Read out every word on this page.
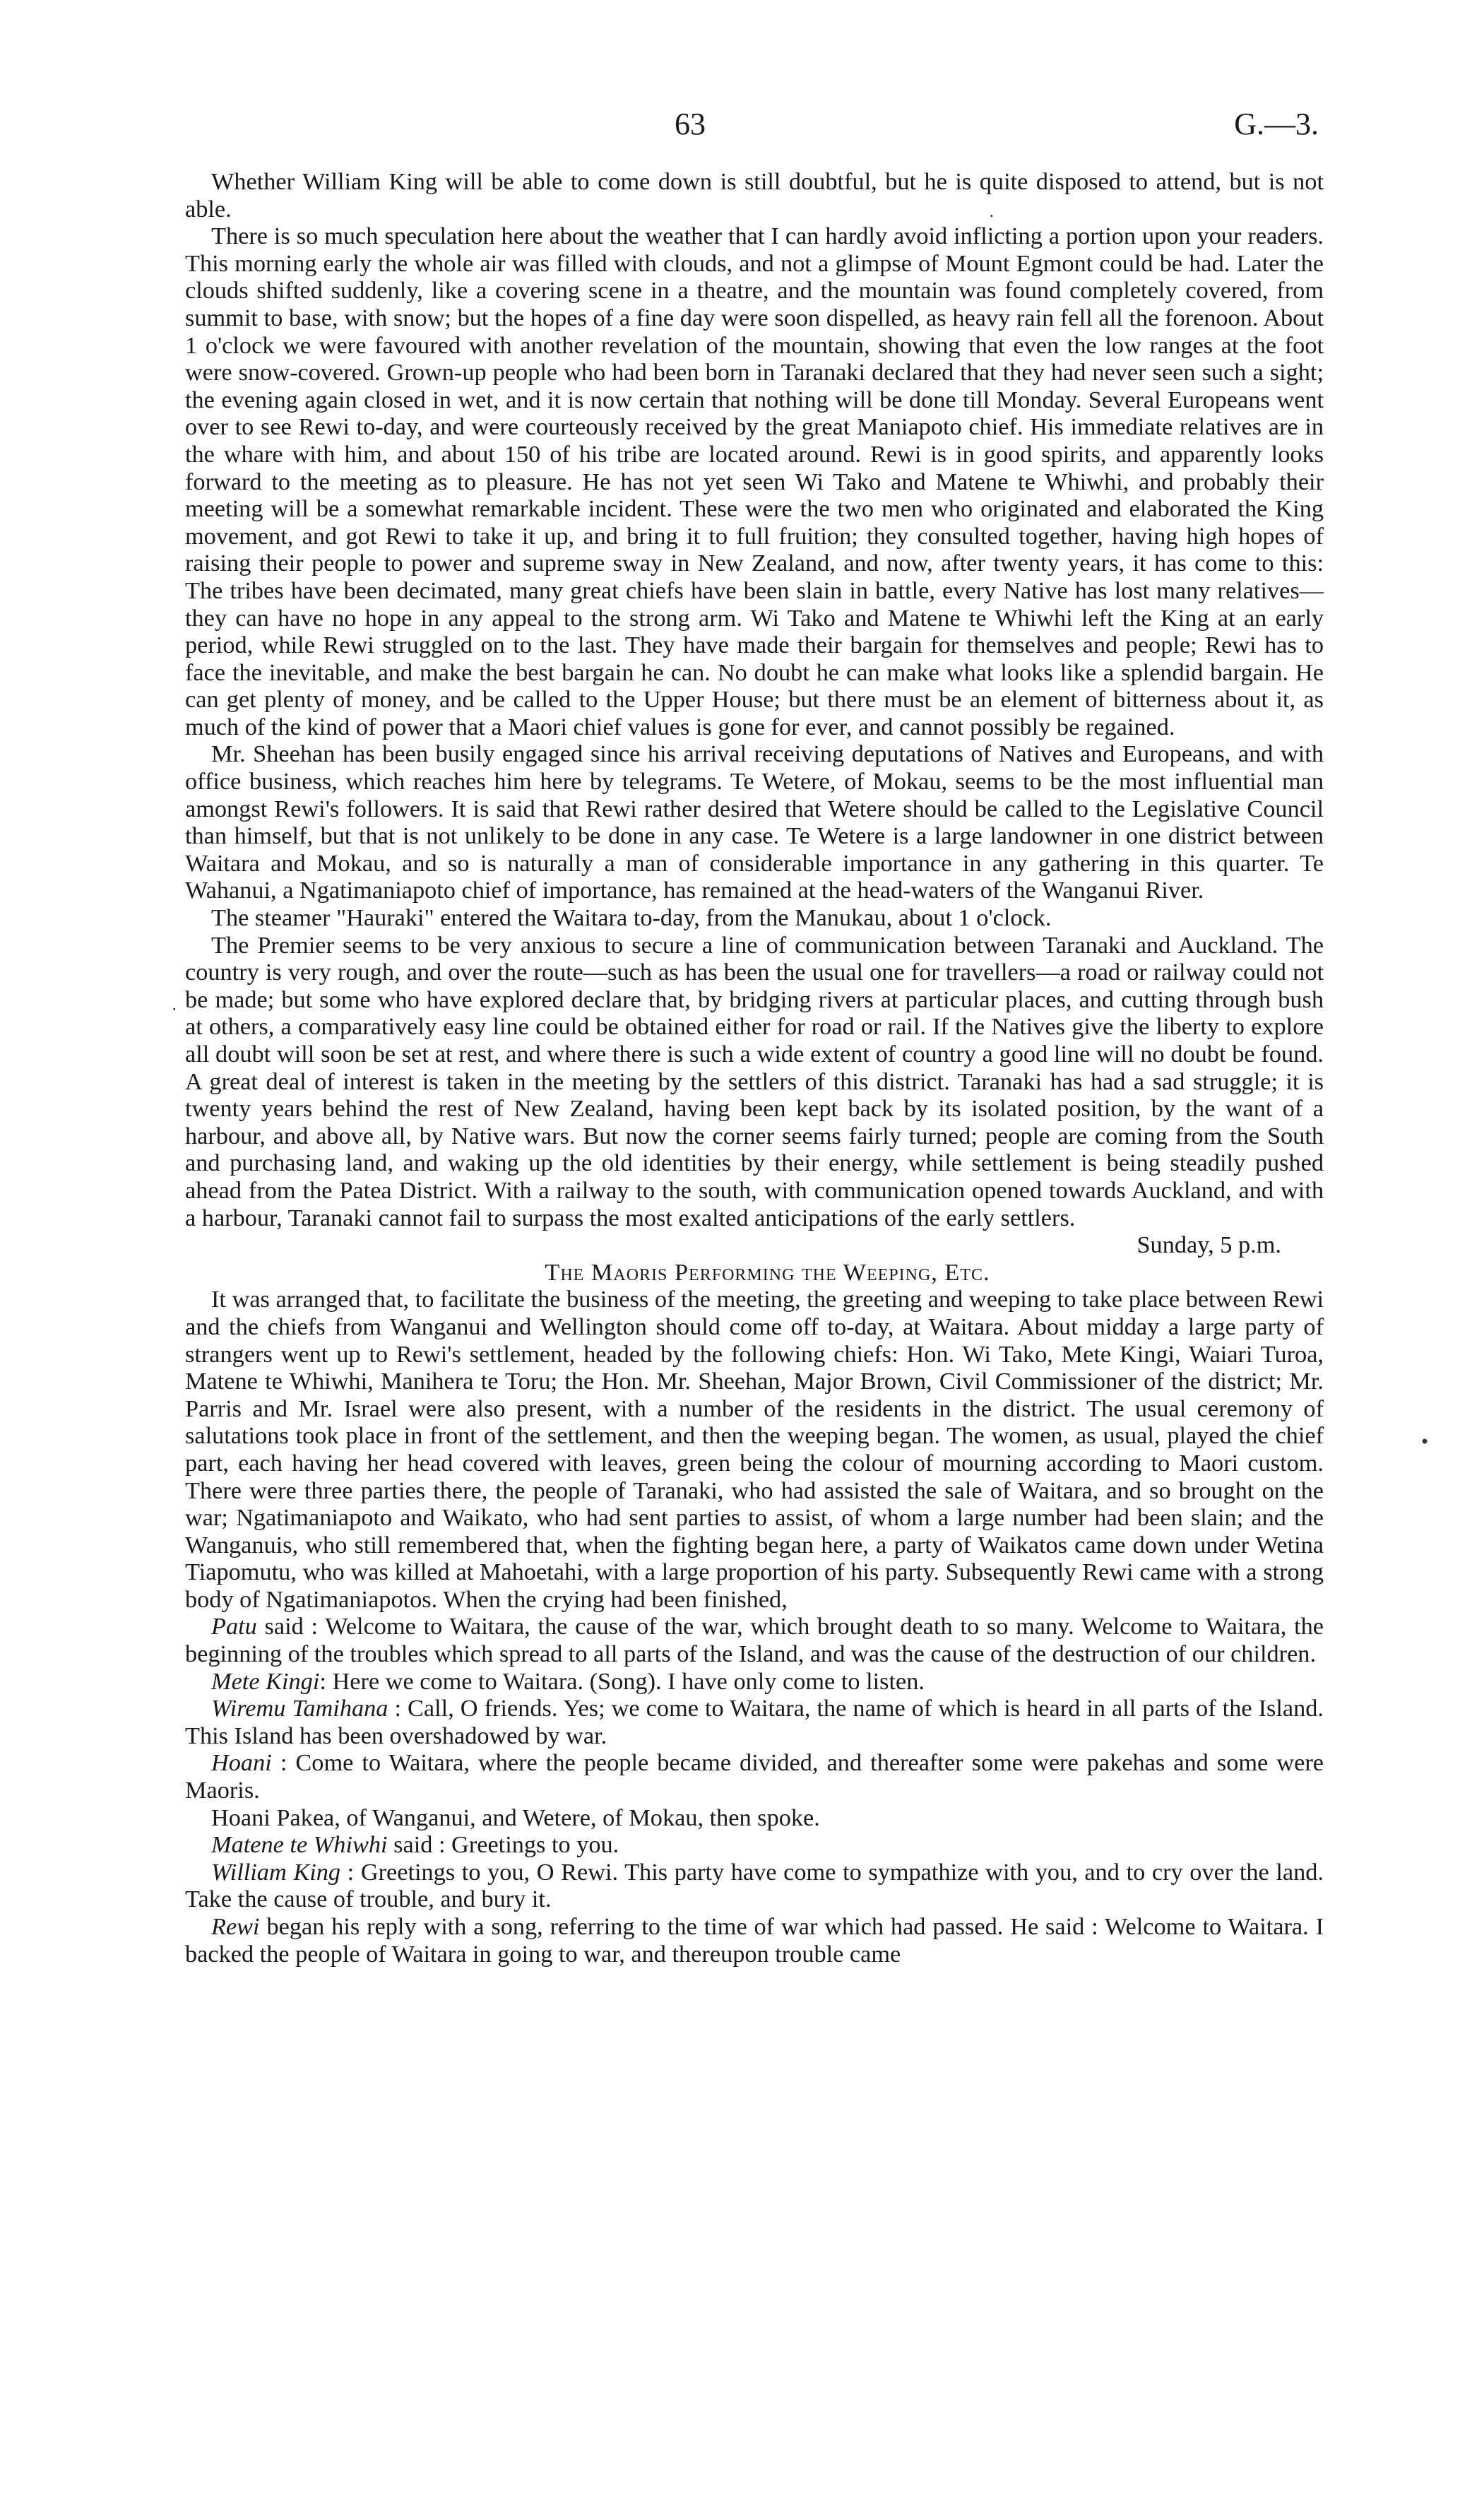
63	G.—3.

Whether William King will be able to come down is still doubtful, but he is quite disposed to attend, but is not able.

There is so much speculation here about the weather that I can hardly avoid inflicting a portion upon your readers. This morning early the whole air was filled with clouds, and not a glimpse of Mount Egmont could be had. Later the clouds shifted suddenly, like a covering scene in a theatre, and the mountain was found completely covered, from summit to base, with snow; but the hopes of a fine day were soon dispelled, as heavy rain fell all the forenoon. About 1 o'clock we were favoured with another revelation of the mountain, showing that even the low ranges at the foot were snow-covered. Grown-up people who had been born in Taranaki declared that they had never seen such a sight; the evening again closed in wet, and it is now certain that nothing will be done till Monday. Several Europeans went over to see Rewi to-day, and were courteously received by the great Maniapoto chief. His immediate relatives are in the whare with him, and about 150 of his tribe are located around. Rewi is in good spirits, and apparently looks forward to the meeting as to pleasure. He has not yet seen Wi Tako and Matene te Whiwhi, and probably their meeting will be a somewhat remarkable incident. These were the two men who originated and elaborated the King movement, and got Rewi to take it up, and bring it to full fruition; they consulted together, having high hopes of raising their people to power and supreme sway in New Zealand, and now, after twenty years, it has come to this: The tribes have been decimated, many great chiefs have been slain in battle, every Native has lost many relatives—they can have no hope in any appeal to the strong arm. Wi Tako and Matene te Whiwhi left the King at an early period, while Rewi struggled on to the last. They have made their bargain for themselves and people; Rewi has to face the inevitable, and make the best bargain he can. No doubt he can make what looks like a splendid bargain. He can get plenty of money, and be called to the Upper House; but there must be an element of bitterness about it, as much of the kind of power that a Maori chief values is gone for ever, and cannot possibly be regained.

Mr. Sheehan has been busily engaged since his arrival receiving deputations of Natives and Europeans, and with office business, which reaches him here by telegrams. Te Wetere, of Mokau, seems to be the most influential man amongst Rewi's followers. It is said that Rewi rather desired that Wetere should be called to the Legislative Council than himself, but that is not unlikely to be done in any case. Te Wetere is a large landowner in one district between Waitara and Mokau, and so is naturally a man of considerable importance in any gathering in this quarter. Te Wahanui, a Ngatimaniapoto chief of importance, has remained at the head-waters of the Wanganui River.

The steamer "Hauraki" entered the Waitara to-day, from the Manukau, about 1 o'clock.

The Premier seems to be very anxious to secure a line of communication between Taranaki and Auckland. The country is very rough, and over the route—such as has been the usual one for travellers—a road or railway could not be made; but some who have explored declare that, by bridging rivers at particular places, and cutting through bush at others, a comparatively easy line could be obtained either for road or rail. If the Natives give the liberty to explore all doubt will soon be set at rest, and where there is such a wide extent of country a good line will no doubt be found. A great deal of interest is taken in the meeting by the settlers of this district. Taranaki has had a sad struggle; it is twenty years behind the rest of New Zealand, having been kept back by its isolated position, by the want of a harbour, and above all, by Native wars. But now the corner seems fairly turned; people are coming from the South and purchasing land, and waking up the old identities by their energy, while settlement is being steadily pushed ahead from the Patea District. With a railway to the south, with communication opened towards Auckland, and with a harbour, Taranaki cannot fail to surpass the most exalted anticipations of the early settlers.

Sunday, 5 p.m.

The Maoris Performing the Weeping, Etc.

It was arranged that, to facilitate the business of the meeting, the greeting and weeping to take place between Rewi and the chiefs from Wanganui and Wellington should come off to-day, at Waitara. About midday a large party of strangers went up to Rewi's settlement, headed by the following chiefs: Hon. Wi Tako, Mete Kingi, Waiari Turoa, Matene te Whiwhi, Manihera te Toru; the Hon. Mr. Sheehan, Major Brown, Civil Commissioner of the district; Mr. Parris and Mr. Israel were also present, with a number of the residents in the district. The usual ceremony of salutations took place in front of the settlement, and then the weeping began. The women, as usual, played the chief part, each having her head covered with leaves, green being the colour of mourning according to Maori custom. There were three parties there, the people of Taranaki, who had assisted the sale of Waitara, and so brought on the war; Ngatimaniapoto and Waikato, who had sent parties to assist, of whom a large number had been slain; and the Wanganuis, who still remembered that, when the fighting began here, a party of Waikatos came down under Wetina Tiapomutu, who was killed at Mahoetahi, with a large proportion of his party. Subsequently Rewi came with a strong body of Ngatimaniapotos. When the crying had been finished,

Patu said : Welcome to Waitara, the cause of the war, which brought death to so many. Welcome to Waitara, the beginning of the troubles which spread to all parts of the Island, and was the cause of the destruction of our children.

Mete Kingi: Here we come to Waitara. (Song). I have only come to listen.

Wiremu Tamihana : Call, O friends. Yes; we come to Waitara, the name of which is heard in all parts of the Island. This Island has been overshadowed by war.

Hoani : Come to Waitara, where the people became divided, and thereafter some were pakehas and some were Maoris.

Hoani Pakea, of Wanganui, and Wetere, of Mokau, then spoke.

Matene te Whiwhi said : Greetings to you.

William King : Greetings to you, O Rewi. This party have come to sympathize with you, and to cry over the land. Take the cause of trouble, and bury it.

Rewi began his reply with a song, referring to the time of war which had passed. He said : Welcome to Waitara. I backed the people of Waitara in going to war, and thereupon trouble came

·
·
•
